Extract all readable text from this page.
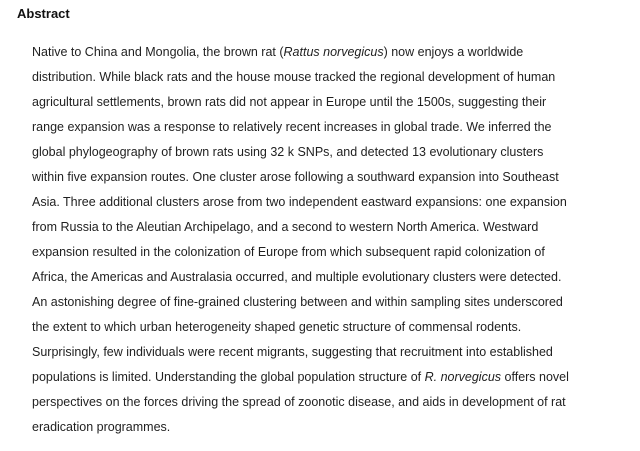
Abstract
Native to China and Mongolia, the brown rat (Rattus norvegicus) now enjoys a worldwide
distribution. While black rats and the house mouse tracked the regional development of human
agricultural settlements, brown rats did not appear in Europe until the 1500s, suggesting their
range expansion was a response to relatively recent increases in global trade. We inferred the
global phylogeography of brown rats using 32 k SNPs, and detected 13 evolutionary clusters
within five expansion routes. One cluster arose following a southward expansion into Southeast
Asia. Three additional clusters arose from two independent eastward expansions: one expansion
from Russia to the Aleutian Archipelago, and a second to western North America. Westward
expansion resulted in the colonization of Europe from which subsequent rapid colonization of
Africa, the Americas and Australasia occurred, and multiple evolutionary clusters were detected.
An astonishing degree of fine-grained clustering between and within sampling sites underscored
the extent to which urban heterogeneity shaped genetic structure of commensal rodents.
Surprisingly, few individuals were recent migrants, suggesting that recruitment into established
populations is limited. Understanding the global population structure of R. norvegicus offers novel
perspectives on the forces driving the spread of zoonotic disease, and aids in development of rat
eradication programmes.
